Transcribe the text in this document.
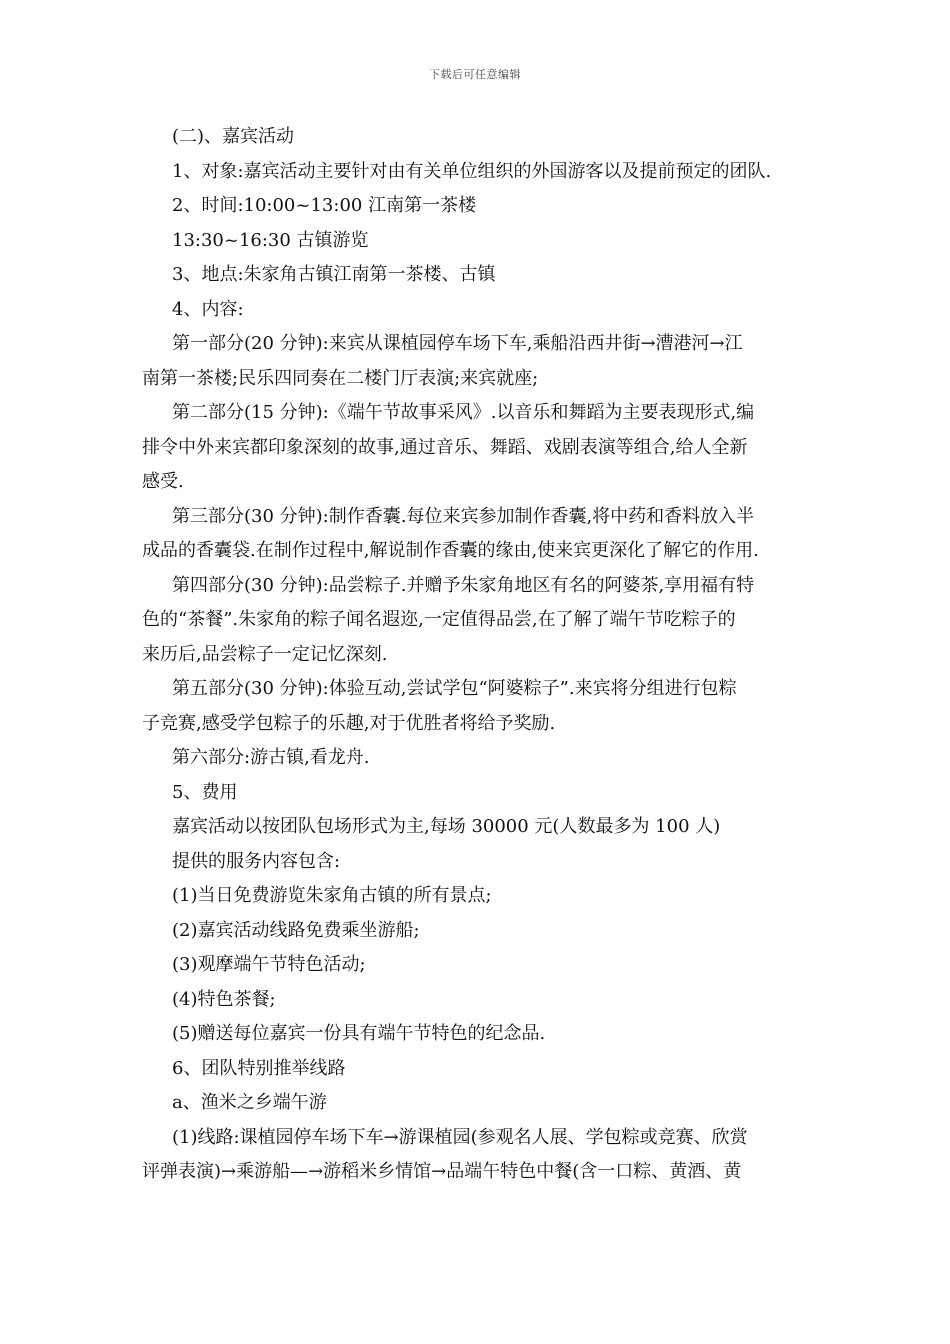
下载后可任意编辑
(二)、嘉宾活动
1、对象:嘉宾活动主要针对由有关单位组织的外国游客以及提前预定的团队.
2、时间:10:00~13:00 江南第一茶楼
13:30~16:30 古镇游览
3、地点:朱家角古镇江南第一茶楼、古镇
4、内容:
第一部分(20 分钟):来宾从课植园停车场下车,乘船沿西井街→漕港河→江
南第一茶楼;民乐四同奏在二楼门厅表演;来宾就座;
第二部分(15 分钟):《端午节故事采风》.以音乐和舞蹈为主要表现形式,编
排令中外来宾都印象深刻的故事,通过音乐、舞蹈、戏剧表演等组合,给人全新
感受.
第三部分(30 分钟):制作香囊.每位来宾参加制作香囊,将中药和香料放入半
成品的香囊袋.在制作过程中,解说制作香囊的缘由,使来宾更深化了解它的作用.
第四部分(30 分钟):品尝粽子.并赠予朱家角地区有名的阿婆茶,享用福有特
色的“茶餐”.朱家角的粽子闻名遐迩,一定值得品尝,在了解了端午节吃粽子的
来历后,品尝粽子一定记忆深刻.
第五部分(30 分钟):体验互动,尝试学包“阿婆粽子”.来宾将分组进行包粽
子竞赛,感受学包粽子的乐趣,对于优胜者将给予奖励.
第六部分:游古镇,看龙舟.
5、费用
嘉宾活动以按团队包场形式为主,每场 30000 元(人数最多为 100 人)
提供的服务内容包含:
(1)当日免费游览朱家角古镇的所有景点;
(2)嘉宾活动线路免费乘坐游船;
(3)观摩端午节特色活动;
(4)特色茶餐;
(5)赠送每位嘉宾一份具有端午节特色的纪念品.
6、团队特别推举线路
a、渔米之乡端午游
(1)线路:课植园停车场下车→游课植园(参观名人展、学包粽或竞赛、欣赏
评弹表演)→乘游船—→游稻米乡情馆→品端午特色中餐(含一口粽、黄酒、黄
